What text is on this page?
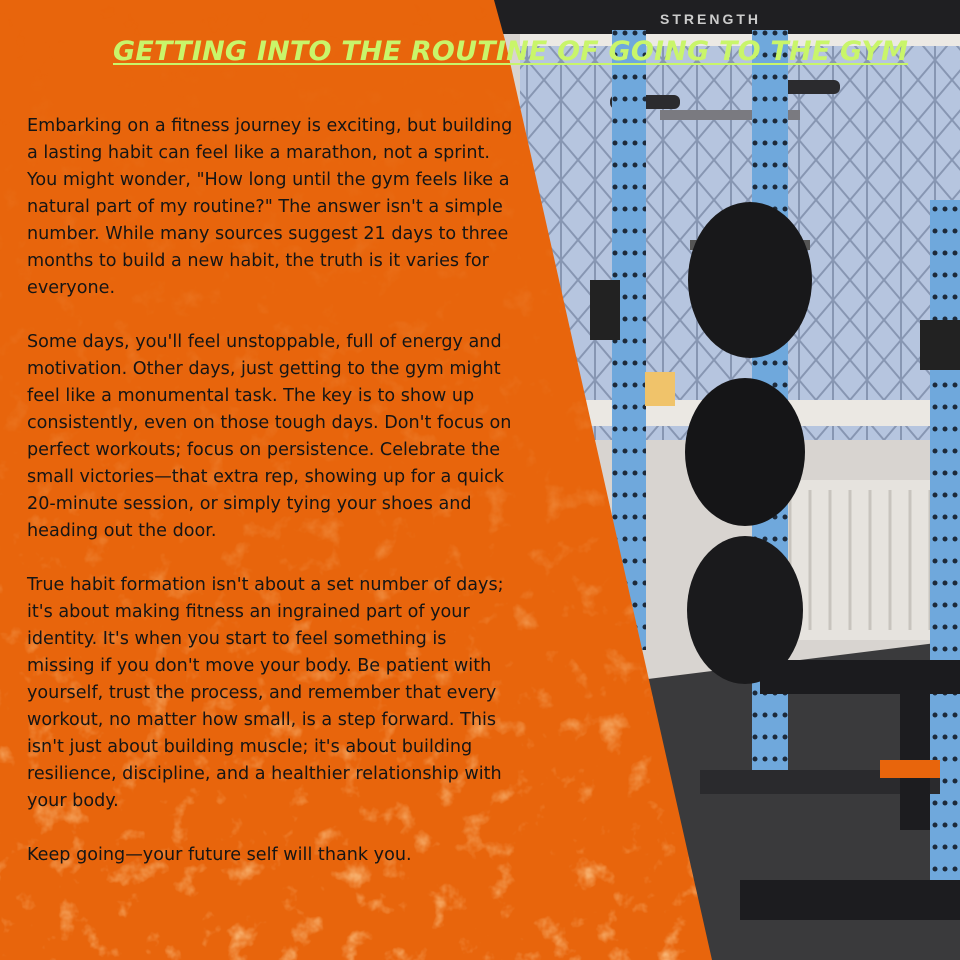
STRENGTH
GETTING INTO THE ROUTINE OF GOING TO THE GYM

Embarking on a fitness journey is exciting, but building a lasting habit can feel like a marathon, not a sprint. You might wonder, "How long until the gym feels like a natural part of my routine?" The answer isn't a simple number. While many sources suggest 21 days to three months to build a new habit, the truth is it varies for everyone.

Some days, you'll feel unstoppable, full of energy and motivation. Other days, just getting to the gym might feel like a monumental task. The key is to show up consistently, even on those tough days. Don't focus on perfect workouts; focus on persistence. Celebrate the small victories—that extra rep, showing up for a quick 20-minute session, or simply tying your shoes and heading out the door.

True habit formation isn't about a set number of days; it's about making fitness an ingrained part of your identity. It's when you start to feel something is missing if you don't move your body. Be patient with yourself, trust the process, and remember that every workout, no matter how small, is a step forward. This isn't just about building muscle; it's about building resilience, discipline, and a healthier relationship with your body.

Keep going—your future self will thank you.
